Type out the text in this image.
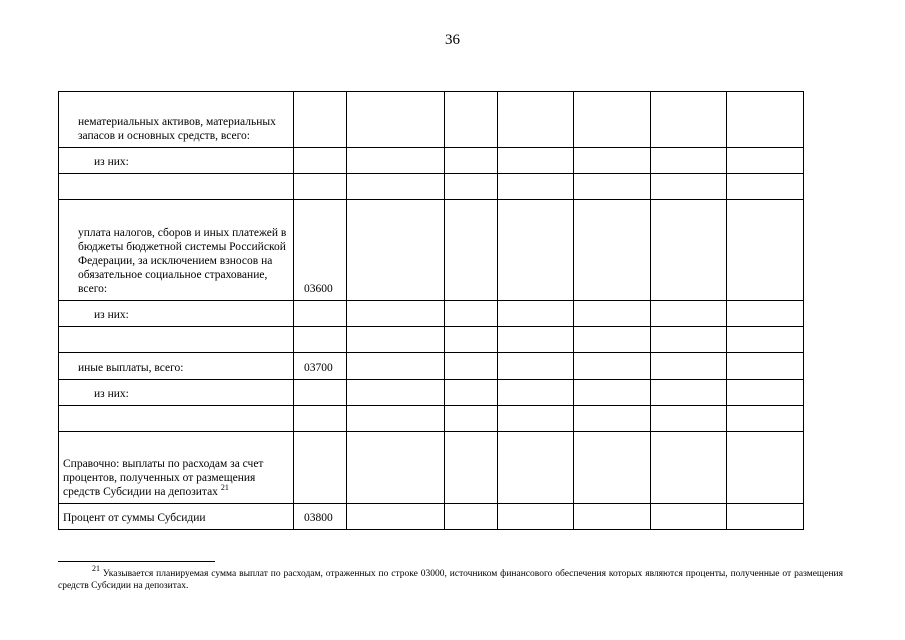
36
нематериальных активов, материальных запасов и основных средств, всего:							
из них:							

уплата налогов, сборов и иных платежей в бюджеты бюджетной системы Российской Федерации, за исключением взносов на обязательное социальное страхование, всего:	03600						
из них:							

иные выплаты, всего:	03700						
из них:							

Справочно: выплаты по расходам за счет процентов, полученных от размещения средств Субсидии на депозитах $^{21}$							
Процент от суммы Субсидии	03800						
$^{21}$ Указывается планируемая сумма выплат по расходам, отраженных по строке 03000, источником финансового обеспечения которых являются проценты, полученные от размещения средств Субсидии на депозитах.
